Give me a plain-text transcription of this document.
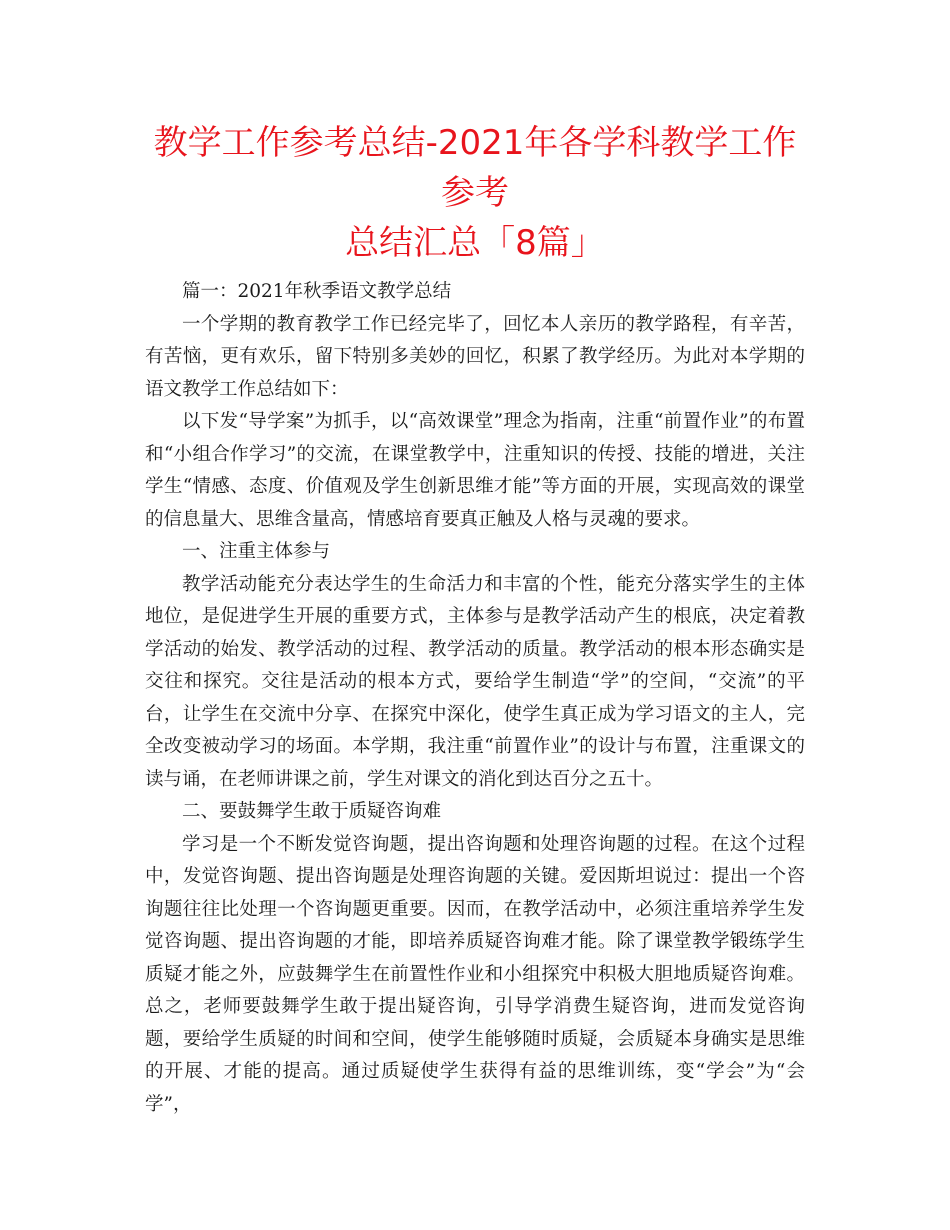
教学工作参考总结-2021年各学科教学工作参考
总结汇总「8篇」

篇一：2021年秋季语文教学总结

一个学期的教育教学工作已经完毕了，回忆本人亲历的教学路程，有辛苦，有苦恼，更有欢乐，留下特别多美妙的回忆，积累了教学经历。为此对本学期的语文教学工作总结如下：

以下发“导学案”为抓手，以“高效课堂”理念为指南，注重“前置作业”的布置和“小组合作学习”的交流，在课堂教学中，注重知识的传授、技能的增进，关注学生“情感、态度、价值观及学生创新思维才能”等方面的开展，实现高效的课堂的信息量大、思维含量高，情感培育要真正触及人格与灵魂的要求。

一、注重主体参与

教学活动能充分表达学生的生命活力和丰富的个性，能充分落实学生的主体地位，是促进学生开展的重要方式，主体参与是教学活动产生的根底，决定着教学活动的始发、教学活动的过程、教学活动的质量。教学活动的根本形态确实是交往和探究。交往是活动的根本方式，要给学生制造“学”的空间，“交流”的平台，让学生在交流中分享、在探究中深化，使学生真正成为学习语文的主人，完全改变被动学习的场面。本学期，我注重“前置作业”的设计与布置，注重课文的读与诵，在老师讲课之前，学生对课文的消化到达百分之五十。

二、要鼓舞学生敢于质疑咨询难

学习是一个不断发觉咨询题，提出咨询题和处理咨询题的过程。在这个过程中，发觉咨询题、提出咨询题是处理咨询题的关键。爱因斯坦说过：提出一个咨询题往往比处理一个咨询题更重要。因而，在教学活动中，必须注重培养学生发觉咨询题、提出咨询题的才能，即培养质疑咨询难才能。除了课堂教学锻练学生质疑才能之外，应鼓舞学生在前置性作业和小组探究中积极大胆地质疑咨询难。总之，老师要鼓舞学生敢于提出疑咨询，引导学消费生疑咨询，进而发觉咨询题，要给学生质疑的时间和空间，使学生能够随时质疑，会质疑本身确实是思维的开展、才能的提高。通过质疑使学生获得有益的思维训练，变“学会”为“会学”，
